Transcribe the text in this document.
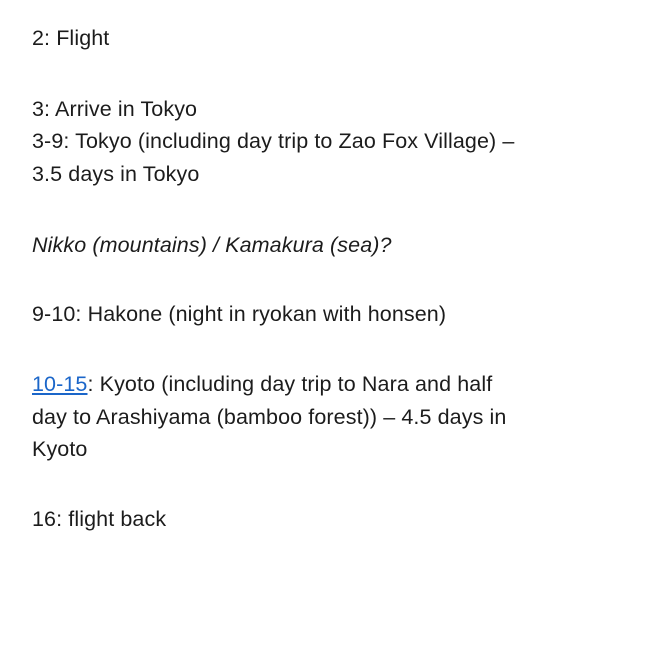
2: Flight
3: Arrive in Tokyo
3-9: Tokyo (including day trip to Zao Fox Village) –
3.5 days in Tokyo
Nikko (mountains) / Kamakura (sea)?
9-10: Hakone (night in ryokan with honsen)
10-15: Kyoto (including day trip to Nara and half
day to Arashiyama (bamboo forest)) – 4.5 days in
Kyoto
16: flight back
